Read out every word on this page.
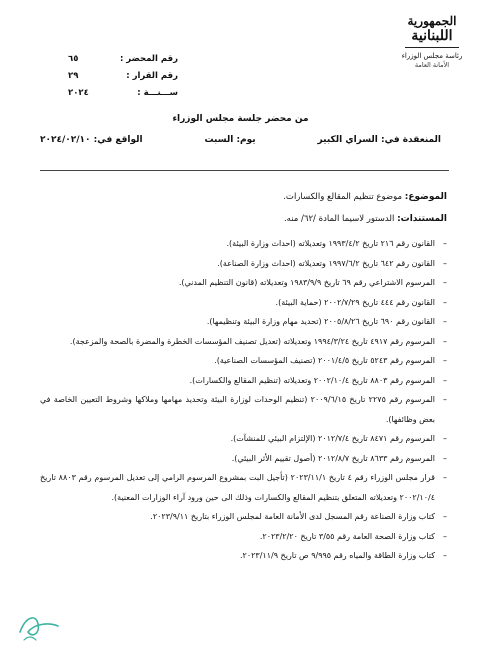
الجمهورية
اللبنانية
رئاسة مجلس الوزراء
الأمانة العامة
رقم المحضر :
٦٥
رقم القرار :
٢٩
ســـنـــة :
٢٠٢٤
من محضر جلسة مجلس الوزراء
المنعقدة في: السراي الكبير
يوم: السبت
الواقع في: ٢٠٢٤/٠٢/١٠
الموضوع: موضوع تنظيم المقالع والكسارات.
المستندات: الدستور لاسيما المادة /٦٢/ منه.
– القانون رقم ٢١٦ تاريخ ١٩٩٣/٤/٢ وتعديلاته (احداث وزارة البيئة).
– القانون رقم ٦٤٢ تاريخ ١٩٩٧/٦/٢ وتعديلاته (احداث وزارة الصناعة).
– المرسوم الاشتراعي رقم ٦٩ تاريخ ١٩٨٣/٩/٩ وتعديلاته (قانون التنظيم المدني).
– القانون رقم ٤٤٤ تاريخ ٢٠٠٢/٧/٢٩ (حماية البيئة).
– القانون رقم ٦٩٠ تاريخ ٢٠٠٥/٨/٢٦ (تحديد مهام وزارة البيئة وتنظيمها).
– المرسوم رقم ٤٩١٧ تاريخ ١٩٩٤/٣/٢٤ وتعديلاته (تعديل تصنيف المؤسسات الخطرة والمضرة بالصحة والمزعجة).
– المرسوم رقم ٥٢٤٣ تاريخ ٢٠٠١/٤/٥ (تصنيف المؤسسات الصناعية).
– المرسوم رقم ٨٨٠٣ تاريخ ٢٠٠٢/١٠/٤ وتعديلاته (تنظيم المقالع والكسارات).
– المرسوم رقم ٢٢٧٥ تاريخ ٢٠٠٩/٦/١٥ (تنظيم الوحدات لوزارة البيئة وتحديد مهامها وملاكها وشروط التعيين الخاصة في بعض وظائفها).
– المرسوم رقم ٨٤٧١ تاريخ ٢٠١٢/٧/٤ (الإلتزام البيئي للمنشآت).
– المرسوم رقم ٨٦٣٣ تاريخ ٢٠١٢/٨/٧ (أصول تقييم الأثر البيئي).
– قرار مجلس الوزراء رقم ٤ تاريخ ٢٠٢٣/١١/١ (تأجيل البت بمشروع المرسوم الرامي إلى تعديل المرسوم رقم ٨٨٠٣ تاريخ ٢٠٠٢/١٠/٤ وتعديلاته المتعلق بتنظيم المقالع والكسارات وذلك الى حين ورود آراء الوزارات المعنية).
– كتاب وزارة الصناعة رقم المسجل لدى الأمانة العامة لمجلس الوزراء بتاريخ ٢٠٢٣/٩/١١.
– كتاب وزارة الصحة العامة رقم ٣/٥٥ تاريخ ٢٠٢٣/٢/٢٠.
– كتاب وزارة الطاقة والمياه رقم ٩/٩٩٥ ص تاريخ ٢٠٢٣/١١/٩.
